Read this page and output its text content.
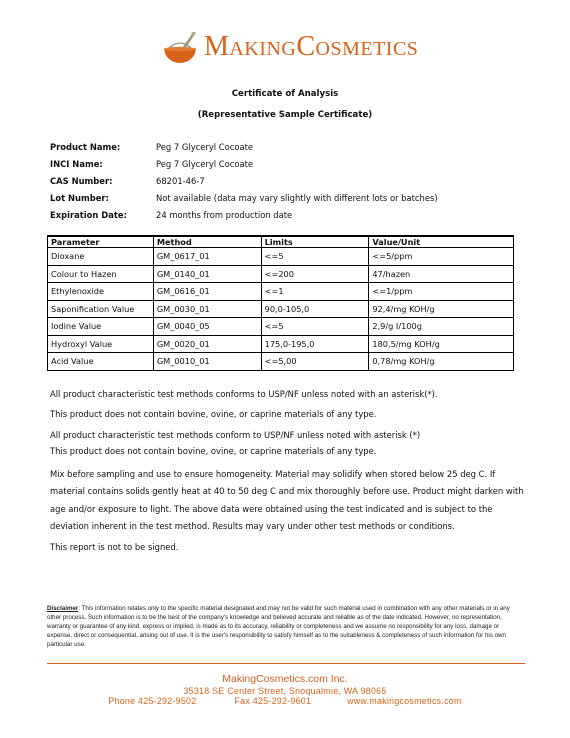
MakingCosmetics
Certificate of Analysis
(Representative Sample Certificate)
Product Name:	Peg 7 Glyceryl Cocoate
INCI Name:	Peg 7 Glyceryl Cocoate
CAS Number:	68201-46-7
Lot Number:	Not available (data may vary slightly with different lots or batches)
Expiration Date:	24 months from production date
Parameter	Method	Limits	Value/Unit
Dioxane	GM_0617_01	<=5	<=5/ppm
Colour to Hazen	GM_0140_01	<=200	47/hazen
Ethylenoxide	GM_0616_01	<=1	<=1/ppm
Saponification Value	GM_0030_01	90,0-105,0	92,4/mg KOH/g
Iodine Value	GM_0040_05	<=5	2,9/g I/100g
Hydroxyl Value	GM_0020_01	175,0-195,0	180,5/mg KOH/g
Acid Value	GM_0010_01	<=5,00	0,78/mg KOH/g
All product characteristic test methods conforms to USP/NF unless noted with an asterisk(*).
This product does not contain bovine, ovine, or caprine materials of any type.
All product characteristic test methods conform to USP/NF unless noted with asterisk (*)
This product does not contain bovine, ovine, or caprine materials of any type.
Mix before sampling and use to ensure homogeneity. Material may solidify when stored below 25 deg C. If material contains solids gently heat at 40 to 50 deg C and mix thoroughly before use. Product might darken with age and/or exposure to light. The above data were obtained using the test indicated and is subject to the deviation inherent in the test method. Results may vary under other test methods or conditions.
This report is not to be signed.
Disclaimer: This information relates only to the specific material designated and may not be valid for such material used in combination with any other materials or in any other process. Such information is to be the best of the company's knowledge and believed accurate and reliable as of the date indicated. However, no representation, warranty or guarantee of any kind, express or implied, is made as to its accuracy, reliability or completeness and we assume no responsibility for any loss, damage or expense, direct or consequential, arising out of use. It is the user's responsibility to satisfy himself as to the suitableness & completeness of such information for his own particular use.
MakingCosmetics.com Inc.
35318 SE Center Street, Snoqualmie, WA 98065
Phone 425-292-9502	Fax 425-292-9601	www.makingcosmetics.com
